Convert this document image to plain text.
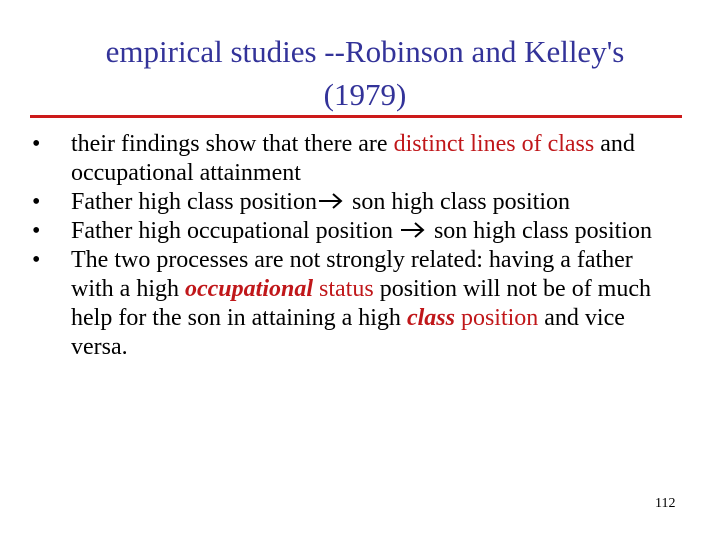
empirical studies --Robinson and Kelley's
(1979)
•	their findings show that there are distinct lines of class and occupational attainment
•	Father high class position son high class position
•	Father high occupational position  son high class position
•	The two processes are not strongly related: having a father with a high occupational status position will not be of much help for the son in attaining a high class position and vice versa.
112
